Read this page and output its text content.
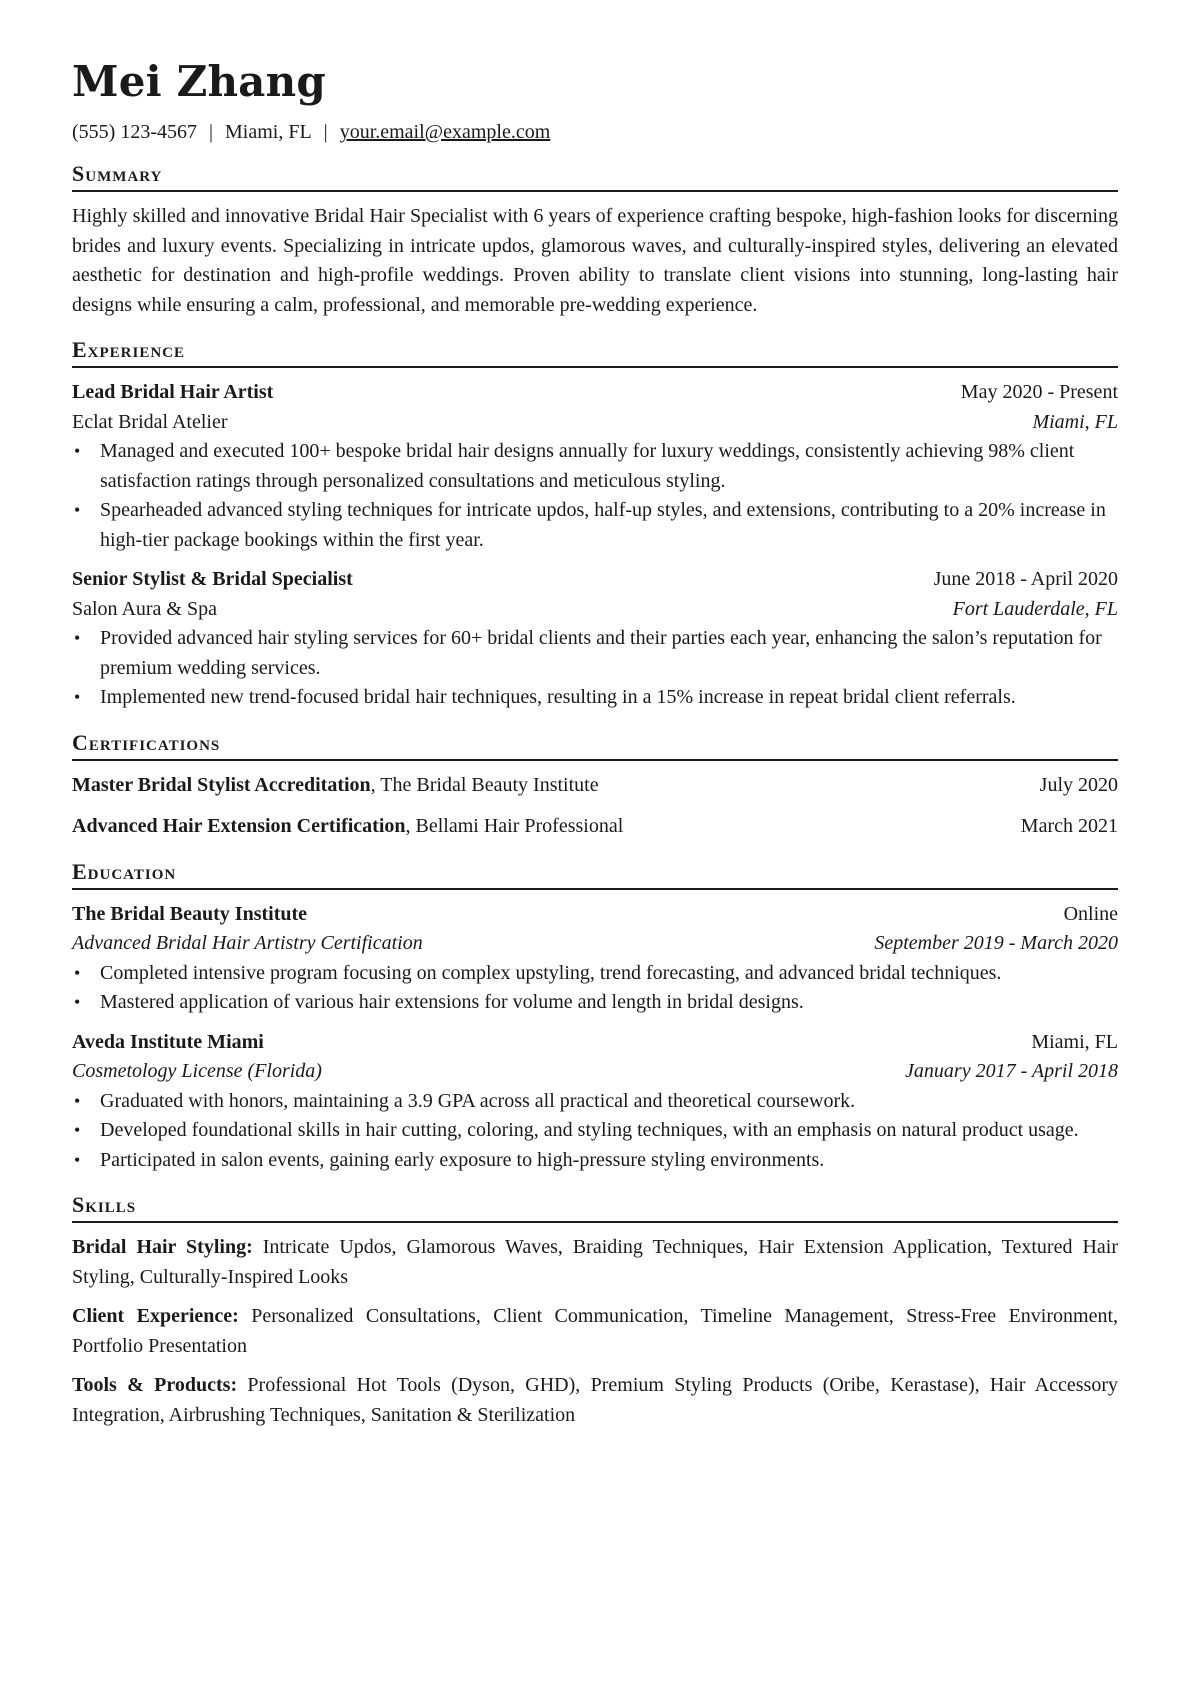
Mei Zhang
(555) 123-4567 | Miami, FL | your.email@example.com
Summary
Highly skilled and innovative Bridal Hair Specialist with 6 years of experience crafting bespoke, high-fashion looks for discerning brides and luxury events. Specializing in intricate updos, glamorous waves, and culturally-inspired styles, delivering an elevated aesthetic for destination and high-profile weddings. Proven ability to translate client visions into stunning, long-lasting hair designs while ensuring a calm, professional, and memorable pre-wedding experience.
Experience
Lead Bridal Hair Artist	May 2020 - Present
Eclat Bridal Atelier	Miami, FL
• Managed and executed 100+ bespoke bridal hair designs annually for luxury weddings, consistently achieving 98% client satisfaction ratings through personalized consultations and meticulous styling.
• Spearheaded advanced styling techniques for intricate updos, half-up styles, and extensions, contributing to a 20% increase in high-tier package bookings within the first year.
Senior Stylist & Bridal Specialist	June 2018 - April 2020
Salon Aura & Spa	Fort Lauderdale, FL
• Provided advanced hair styling services for 60+ bridal clients and their parties each year, enhancing the salon’s reputation for premium wedding services.
• Implemented new trend-focused bridal hair techniques, resulting in a 15% increase in repeat bridal client referrals.
Certifications
Master Bridal Stylist Accreditation, The Bridal Beauty Institute	July 2020
Advanced Hair Extension Certification, Bellami Hair Professional	March 2021
Education
The Bridal Beauty Institute	Online
Advanced Bridal Hair Artistry Certification	September 2019 - March 2020
• Completed intensive program focusing on complex upstyling, trend forecasting, and advanced bridal techniques.
• Mastered application of various hair extensions for volume and length in bridal designs.
Aveda Institute Miami	Miami, FL
Cosmetology License (Florida)	January 2017 - April 2018
• Graduated with honors, maintaining a 3.9 GPA across all practical and theoretical coursework.
• Developed foundational skills in hair cutting, coloring, and styling techniques, with an emphasis on natural product usage.
• Participated in salon events, gaining early exposure to high-pressure styling environments.
Skills
Bridal Hair Styling: Intricate Updos, Glamorous Waves, Braiding Techniques, Hair Extension Application, Textured Hair Styling, Culturally-Inspired Looks
Client Experience: Personalized Consultations, Client Communication, Timeline Management, Stress-Free Environment, Portfolio Presentation
Tools & Products: Professional Hot Tools (Dyson, GHD), Premium Styling Products (Oribe, Kerastase), Hair Accessory Integration, Airbrushing Techniques, Sanitation & Sterilization
